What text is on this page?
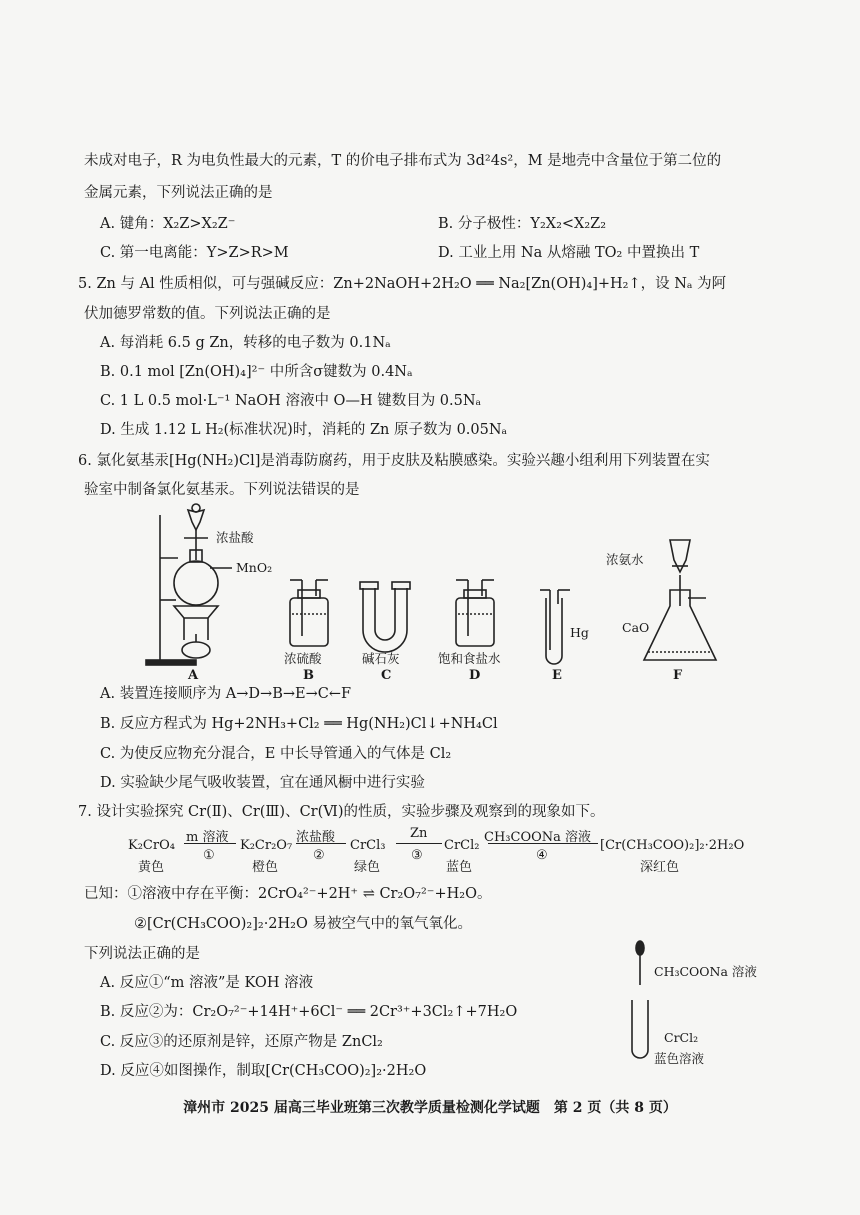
未成对电子，R 为电负性最大的元素，T 的价电子排布式为 3d²4s²，M 是地壳中含量位于第二位的
金属元素，下列说法正确的是
A. 键角：X₂Z>X₂Z⁻	B. 分子极性：Y₂X₂<X₂Z₂
C. 第一电离能：Y>Z>R>M	D. 工业上用 Na 从熔融 TO₂ 中置换出 T
5. Zn 与 Al 性质相似，可与强碱反应：Zn+2NaOH+2H₂O ══ Na₂[Zn(OH)₄]+H₂↑，设 Nₐ 为阿
伏加德罗常数的值。下列说法正确的是
A. 每消耗 6.5 g Zn，转移的电子数为 0.1Nₐ
B. 0.1 mol [Zn(OH)₄]²⁻ 中所含σ键数为 0.4Nₐ
C. 1 L 0.5 mol·L⁻¹ NaOH 溶液中 O—H 键数目为 0.5Nₐ
D. 生成 1.12 L H₂(标准状况)时，消耗的 Zn 原子数为 0.05Nₐ
6. 氯化氨基汞[Hg(NH₂)Cl]是消毒防腐药，用于皮肤及粘膜感染。实验兴趣小组利用下列装置在实
验室中制备氯化氨基汞。下列说法错误的是
浓盐酸
MnO₂
浓硫酸	碱石灰	饱和食盐水
Hg
浓氨水
CaO
A	B	C	D	E	F
A. 装置连接顺序为 A→D→B→E→C←F
B. 反应方程式为 Hg+2NH₃+Cl₂ ══ Hg(NH₂)Cl↓+NH₄Cl
C. 为使反应物充分混合，E 中长导管通入的气体是 Cl₂
D. 实验缺少尾气吸收装置，宜在通风橱中进行实验
7. 设计实验探究 Cr(Ⅱ)、Cr(Ⅲ)、Cr(Ⅵ)的性质，实验步骤及观察到的现象如下。
K₂CrO₄
黄色
m 溶液
①
K₂Cr₂O₇
橙色
浓盐酸
②
CrCl₃
绿色
Zn
③
CrCl₂
蓝色
CH₃COONa 溶液
④
[Cr(CH₃COO)₂]₂·2H₂O
深红色
已知：①溶液中存在平衡：2CrO₄²⁻+2H⁺ ⇌ Cr₂O₇²⁻+H₂O。
②[Cr(CH₃COO)₂]₂·2H₂O 易被空气中的氧气氧化。
下列说法正确的是
A. 反应①“m 溶液”是 KOH 溶液
B. 反应②为：Cr₂O₇²⁻+14H⁺+6Cl⁻ ══ 2Cr³⁺+3Cl₂↑+7H₂O
C. 反应③的还原剂是锌，还原产物是 ZnCl₂
D. 反应④如图操作，制取[Cr(CH₃COO)₂]₂·2H₂O
CH₃COONa 溶液
CrCl₂
蓝色溶液
漳州市 2025 届高三毕业班第三次教学质量检测化学试题　第 2 页（共 8 页）
